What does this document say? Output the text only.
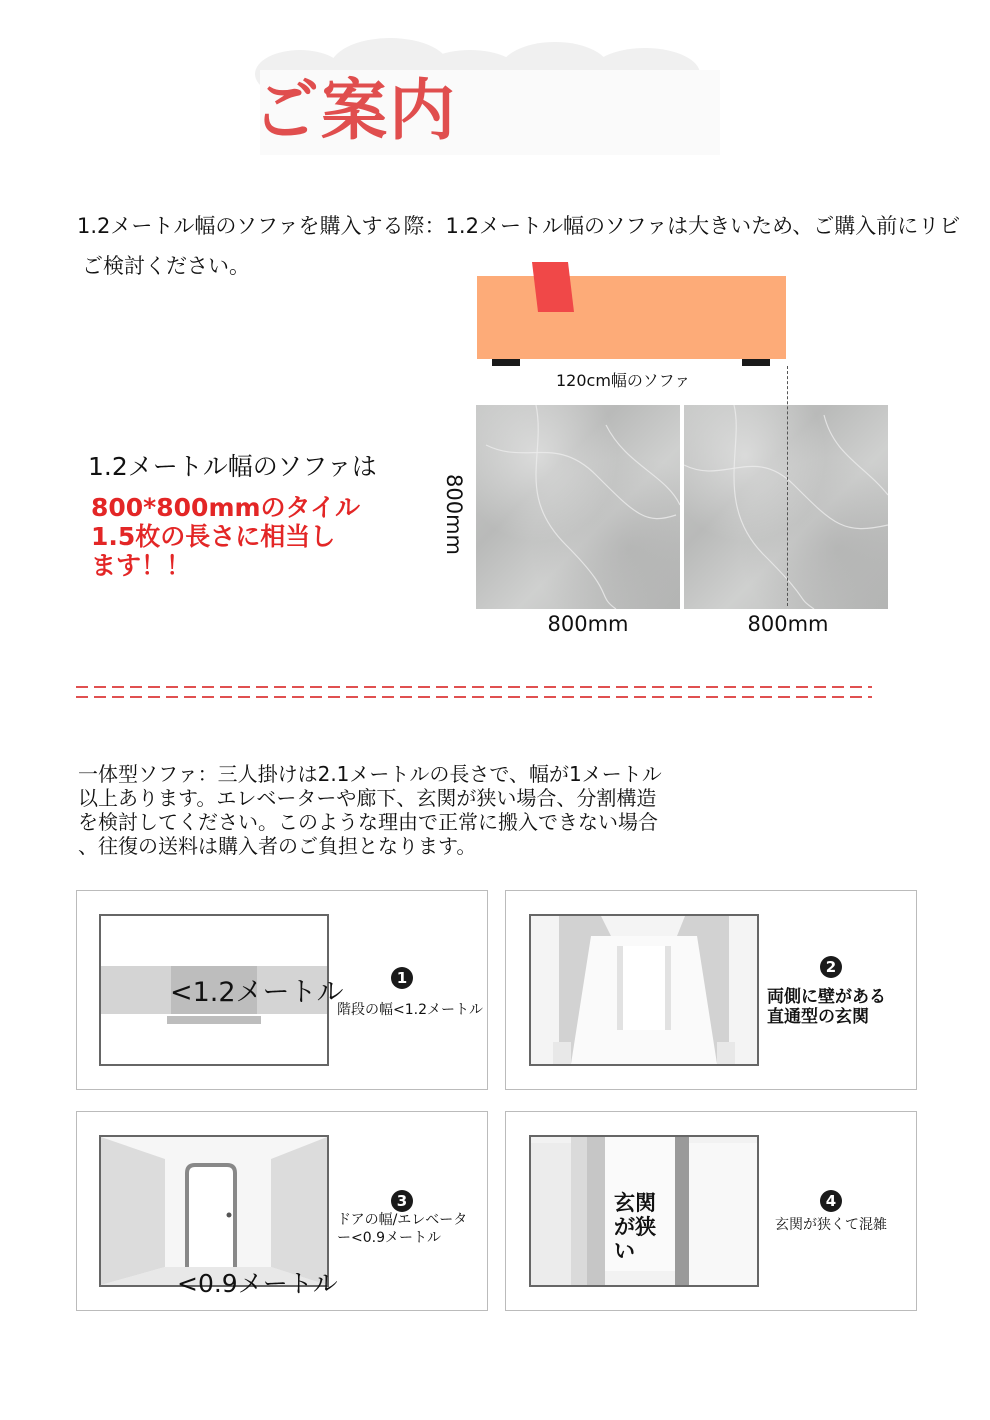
ご案内
1.2メートル幅のソファを購入する際：1.2メートル幅のソファは大きいため、ご購入前にリビ
ご検討ください。
120cm幅のソファ
800mm	800mm
800mm
1.2メートル幅のソファは
800*800mmのタイル
1.5枚の長さに相当し
ます！！
一体型ソファ：三人掛けは2.1メートルの長さで、幅が1メートル
以上あります。エレベーターや廊下、玄関が狭い場合、分割構造
を検討してください。このような理由で正常に搬入できない場合
、往復の送料は購入者のご負担となります。
<1.2メートル	1
階段の幅<1.2メートル
2
両側に壁がある
直通型の玄関
<0.9メートル
3
ドアの幅/エレベータ
ー<0.9メートル
玄関
が狭
い
4
玄関が狭くて混雑
